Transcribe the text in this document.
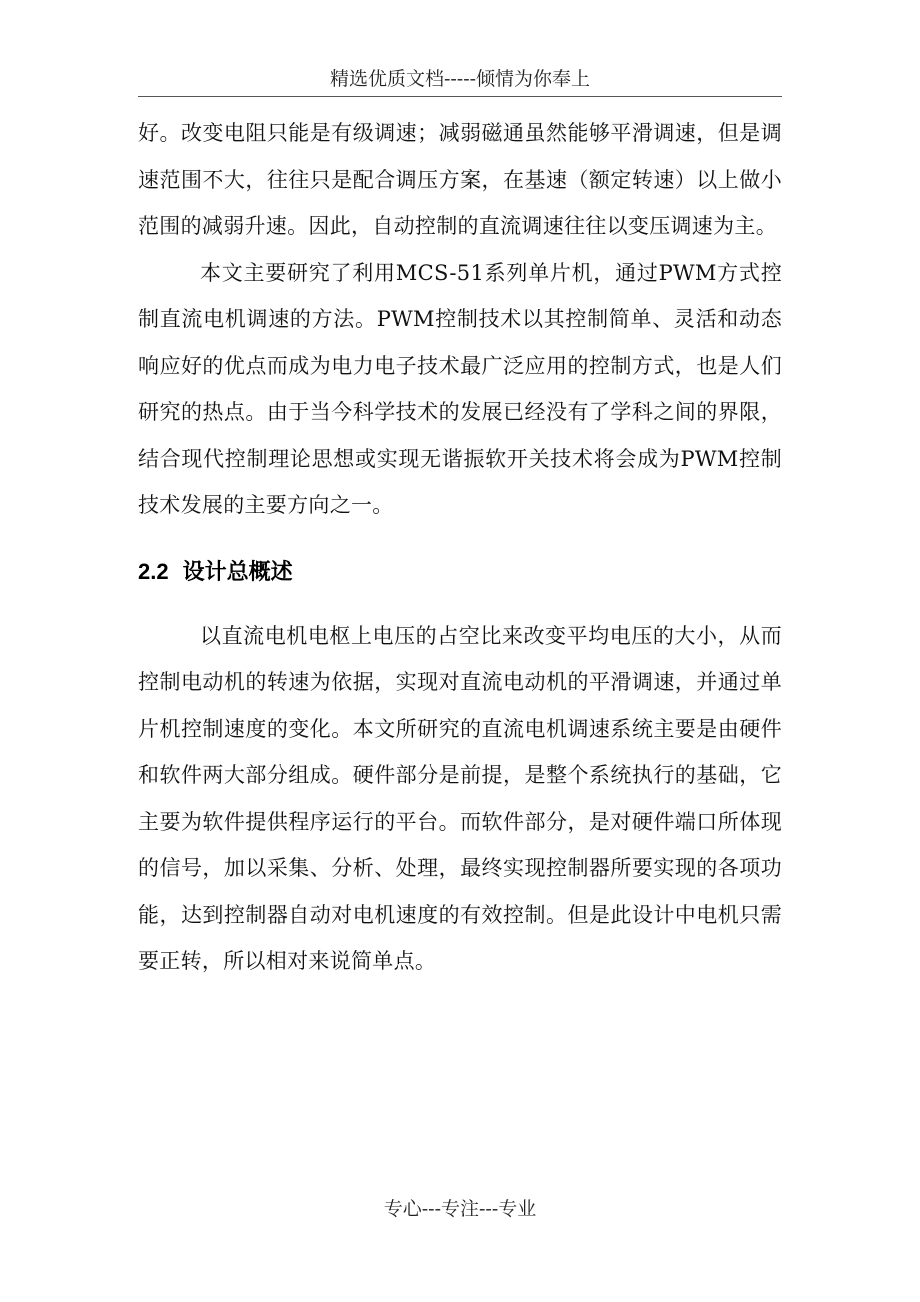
精选优质文档-----倾情为你奉上

好。改变电阻只能是有级调速；减弱磁通虽然能够平滑调速，但是调速范围不大，往往只是配合调压方案，在基速（额定转速）以上做小范围的减弱升速。因此，自动控制的直流调速往往以变压调速为主。

本文主要研究了利用MCS-51系列单片机，通过PWM方式控制直流电机调速的方法。PWM控制技术以其控制简单、灵活和动态响应好的优点而成为电力电子技术最广泛应用的控制方式，也是人们研究的热点。由于当今科学技术的发展已经没有了学科之间的界限，结合现代控制理论思想或实现无谐振软开关技术将会成为PWM控制技术发展的主要方向之一。

2.2 设计总概述

以直流电机电枢上电压的占空比来改变平均电压的大小，从而控制电动机的转速为依据，实现对直流电动机的平滑调速，并通过单片机控制速度的变化。本文所研究的直流电机调速系统主要是由硬件和软件两大部分组成。硬件部分是前提，是整个系统执行的基础，它主要为软件提供程序运行的平台。而软件部分，是对硬件端口所体现的信号，加以采集、分析、处理，最终实现控制器所要实现的各项功能，达到控制器自动对电机速度的有效控制。但是此设计中电机只需要正转，所以相对来说简单点。

专心---专注---专业
